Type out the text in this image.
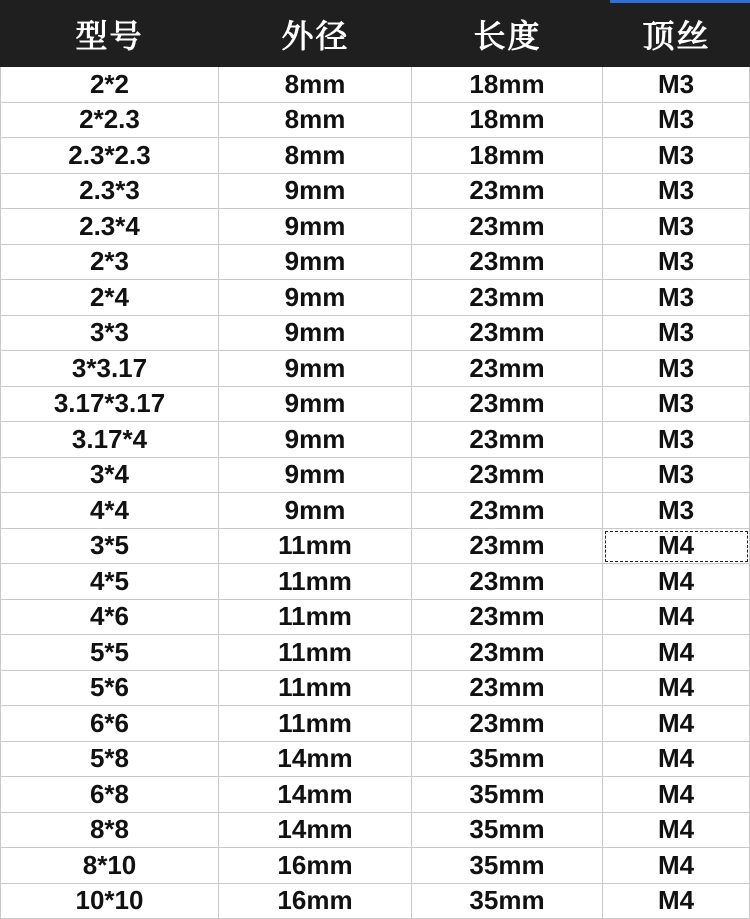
型号	外径	长度	顶丝
2*2	8mm	18mm	M3
2*2.3	8mm	18mm	M3
2.3*2.3	8mm	18mm	M3
2.3*3	9mm	23mm	M3
2.3*4	9mm	23mm	M3
2*3	9mm	23mm	M3
2*4	9mm	23mm	M3
3*3	9mm	23mm	M3
3*3.17	9mm	23mm	M3
3.17*3.17	9mm	23mm	M3
3.17*4	9mm	23mm	M3
3*4	9mm	23mm	M3
4*4	9mm	23mm	M3
3*5	11mm	23mm	M4
4*5	11mm	23mm	M4
4*6	11mm	23mm	M4
5*5	11mm	23mm	M4
5*6	11mm	23mm	M4
6*6	11mm	23mm	M4
5*8	14mm	35mm	M4
6*8	14mm	35mm	M4
8*8	14mm	35mm	M4
8*10	16mm	35mm	M4
10*10	16mm	35mm	M4
